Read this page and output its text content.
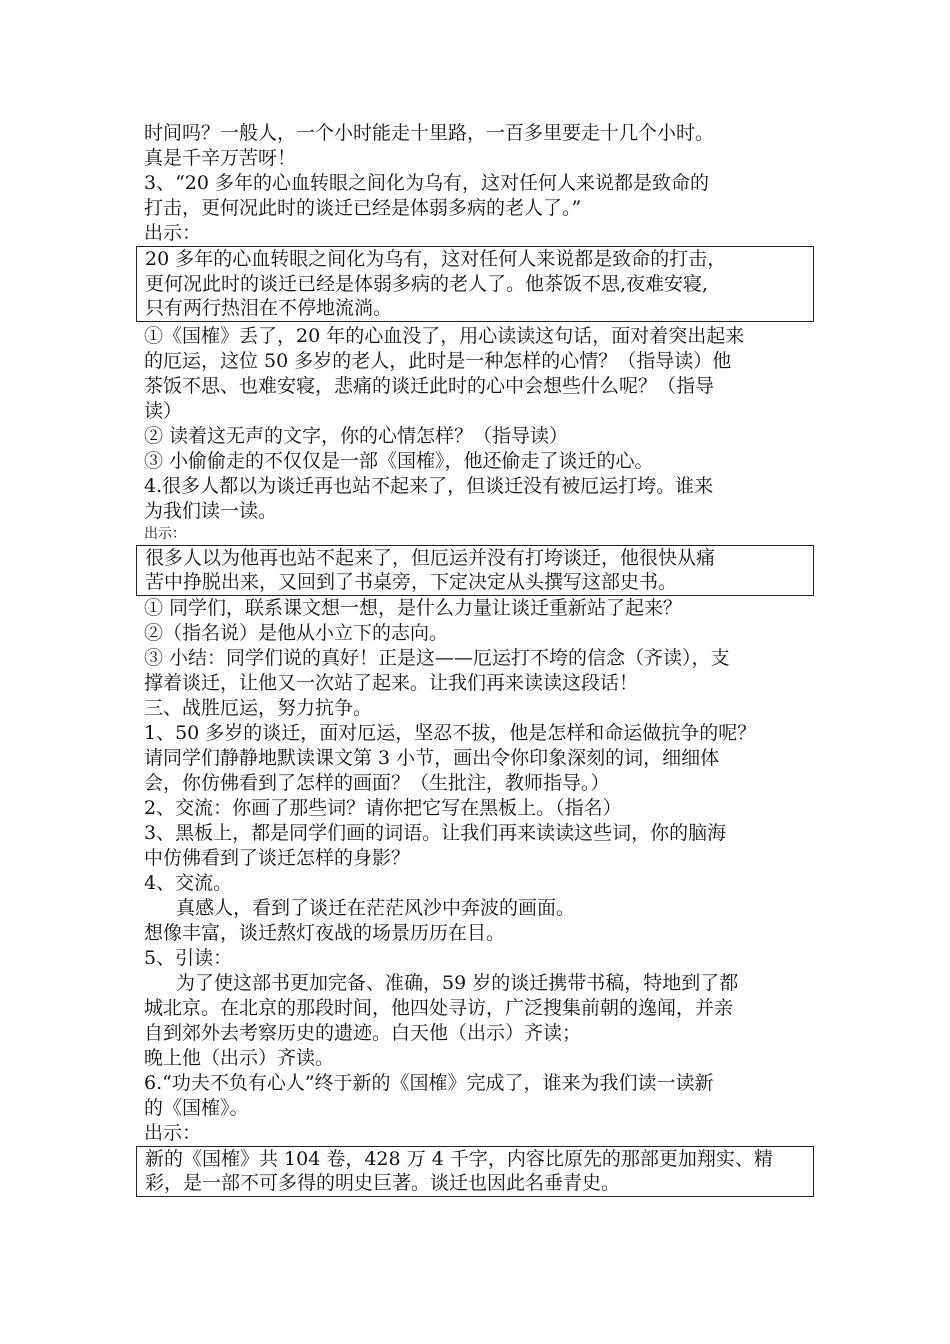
时间吗？一般人，一个小时能走十里路，一百多里要走十几个小时。
真是千辛万苦呀！
3、“20 多年的心血转眼之间化为乌有，这对任何人来说都是致命的
打击，更何况此时的谈迁已经是体弱多病的老人了。”
出示：
20 多年的心血转眼之间化为乌有，这对任何人来说都是致命的打击，
更何况此时的谈迁已经是体弱多病的老人了。他茶饭不思,夜难安寝,
只有两行热泪在不停地流淌。
①《国榷》丢了，20 年的心血没了，用心读读这句话，面对着突出起来
的厄运，这位 50 多岁的老人，此时是一种怎样的心情？（指导读）他
茶饭不思、也难安寝，悲痛的谈迁此时的心中会想些什么呢？（指导
读）
② 读着这无声的文字，你的心情怎样？（指导读）
③ 小偷偷走的不仅仅是一部《国榷》，他还偷走了谈迁的心。
4.很多人都以为谈迁再也站不起来了，但谈迁没有被厄运打垮。谁来
为我们读一读。
出示：
很多人以为他再也站不起来了，但厄运并没有打垮谈迁，他很快从痛
苦中挣脱出来，又回到了书桌旁，下定决定从头撰写这部史书。
① 同学们，联系课文想一想，是什么力量让谈迁重新站了起来？
②（指名说）是他从小立下的志向。
③ 小结：同学们说的真好！正是这——厄运打不垮的信念（齐读），支
撑着谈迁，让他又一次站了起来。让我们再来读读这段话！
三、战胜厄运，努力抗争。
1、50 多岁的谈迁，面对厄运，坚忍不拔，他是怎样和命运做抗争的呢？
请同学们静静地默读课文第 3 小节，画出令你印象深刻的词，细细体
会，你仿佛看到了怎样的画面？（生批注，教师指导。）
2、交流：你画了那些词？请你把它写在黑板上。（指名）
3、黑板上，都是同学们画的词语。让我们再来读读这些词，你的脑海
中仿佛看到了谈迁怎样的身影？
4、交流。
真感人，看到了谈迁在茫茫风沙中奔波的画面。
想像丰富，谈迁熬灯夜战的场景历历在目。
5、引读：
为了使这部书更加完备、准确，59 岁的谈迁携带书稿，特地到了都
城北京。在北京的那段时间，他四处寻访，广泛搜集前朝的逸闻，并亲
自到郊外去考察历史的遗迹。白天他（出示）齐读；
晚上他（出示）齐读。
6.“功夫不负有心人”终于新的《国榷》完成了，谁来为我们读一读新
的《国榷》。
出示：
新的《国榷》共 104 卷，428 万 4 千字，内容比原先的那部更加翔实、精
彩，是一部不可多得的明史巨著。谈迁也因此名垂青史。
